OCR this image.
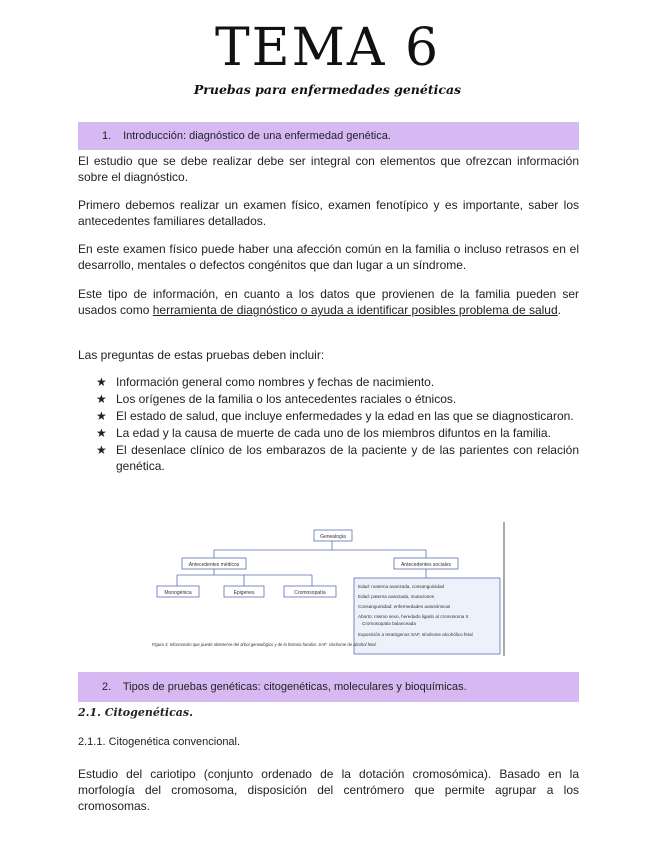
TEMA 6
Pruebas para enfermedades genéticas
1. Introducción: diagnóstico de una enfermedad genética.
El estudio que se debe realizar debe ser integral con elementos que ofrezcan información sobre el diagnóstico.
Primero debemos realizar un examen físico, examen fenotípico y es importante, saber los antecedentes familiares detallados.
En este examen físico puede haber una afección común en la familia o incluso retrasos en el desarrollo, mentales o defectos congénitos que dan lugar a un síndrome.
Este tipo de información, en cuanto a los datos que provienen de la familia pueden ser usados como herramienta de diagnóstico o ayuda a identificar posibles problema de salud.
Las preguntas de estas pruebas deben incluir:
★ Información general como nombres y fechas de nacimiento.
★ Los orígenes de la familia o los antecedentes raciales o étnicos.
★ El estado de salud, que incluye enfermedades y la edad en las que se diagnosticaron.
★ La edad y la causa de muerte de cada uno de los miembros difuntos en la familia.
★ El desenlace clínico de los embarazos de la paciente y de las parientes con relación genética.
Genealogía
Antecedentes médicos	Antecedentes sociales
Monogénica	Epigenes	Cromosopatía
Edad: materna avanzada, consanguinidad
Edad: paterna avanzada, mutaciones
Consanguinidad: enfermedades autosómicas
Aborto: mismo sexo, heredado ligado al cromosoma X
Cromosopatía balanceada
Exposición a teratógenos SAF, síndrome alcohólico fetal
Figura 3. Información que puede obtenerse del árbol genealógico y de la historia familiar. SAF: síndrome de alcohol fetal.
2. Tipos de pruebas genéticas: citogenéticas, moleculares y bioquímicas.
2.1. Citogenéticas.
2.1.1. Citogenética convencional.
Estudio del cariotipo (conjunto ordenado de la dotación cromosómica). Basado en la morfología del cromosoma, disposición del centrómero que permite agrupar a los cromosomas.
